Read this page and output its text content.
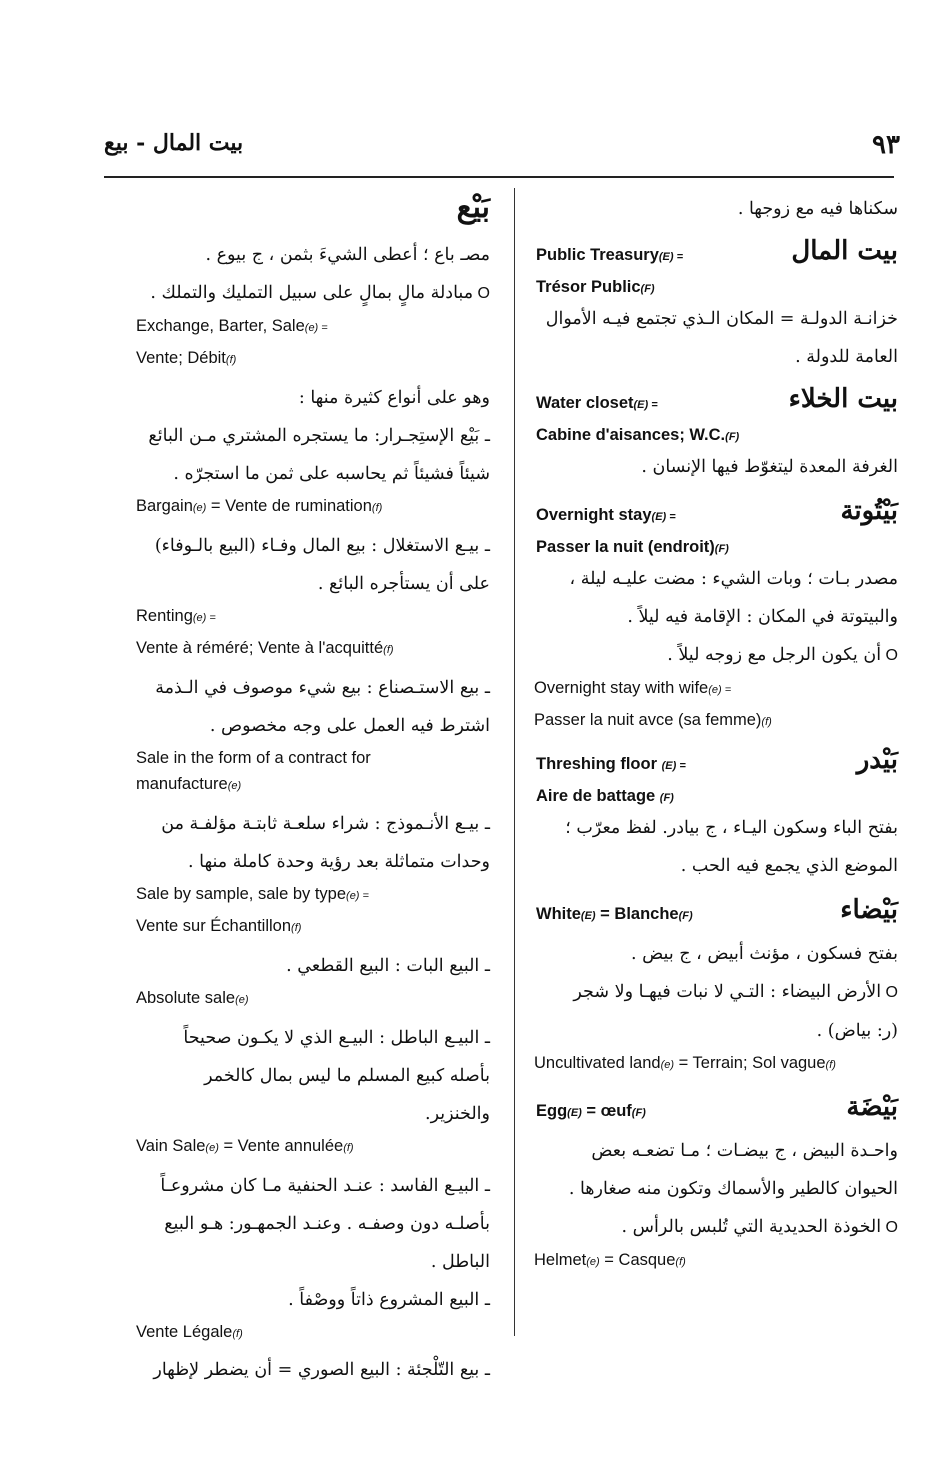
٩٣
بيت المال - بيع
سكناها فيه مع زوجها .
بيت المال
Public Treasury(E) =
Trésor Public(F)
خزانـة الدولـة = المكان الـذي تجتمع فيـه الأموال
العامة للدولة .
بيت الخلاء
Water closet(E) =
Cabine d'aisances; W.C.(F)
الغرفة المعدة ليتغوّط فيها الإنسان .
بَيْتُوتة
Overnight stay(E) =
Passer la nuit (endroit)(F)
مصدر بـات ؛ وبات الشيء : مضت عليـه ليلة ،
والبيتوتة في المكان : الإقامة فيه ليلاً .
O أن يكون الرجل مع زوجه ليلاً .
Overnight stay with wife(e) =
Passer la nuit avce (sa femme)(f)
بَيْدر
Threshing floor (E) =
Aire de battage (F)
بفتح الباء وسكون اليـاء ، ج بيادر. لفظ معرّب ؛
الموضع الذي يجمع فيه الحب .
بَيْضاء
White(E) = Blanche(F)
بفتح فسكون ، مؤنث أبيض ، ج بيض .
O الأرض البيضاء : التـي لا نبات فيهـا ولا شجر
(ر: بياض) .
Uncultivated land(e) = Terrain; Sol vague(f)
بَيْضَة
Egg(E) = œuf(F)
واحـدة البيض ، ج بيضـات ؛ مـا تضعـه بعض
الحيوان كالطير والأسماك وتكون منه صغارها .
O الخوذة الحديدية التي تُلبس بالرأس .
Helmet(e) = Casque(f)
بَيْع
مصـ باع ؛ أعطى الشيءَ بثمن ، ج بيوع .
O مبادلة مالٍ بمالٍ على سبيل التمليك والتملك .
Exchange, Barter, Sale(e) =
Vente; Débit(f)
وهو على أنواع كثيرة منها :
ـ بَيْع الإستِجـرار: ما يستجره المشتري مـن البائع
شيئاً فشيئاً ثم يحاسبه على ثمن ما استجرّه .
Bargain(e) = Vente de rumination(f)
ـ بيـع الاستغلال : بيع المال وفـاء (البيع بالـوفاء)
على أن يستأجره البائع .
Renting(e) =
Vente à réméré; Vente à l'acquitté(f)
ـ بيع الاستـصناع : بيع شيء موصوف في الـذمة
اشترط فيه العمل على وجه مخصوص .
Sale in the form of a contract for
manufacture(e)
ـ بيـع الأنـموذج : شراء سلعـة ثابتـة مؤلفـة من
وحدات متماثلة بعد رؤية وحدة كاملة منها .
Sale by sample, sale by type(e) =
Vente sur Échantillon(f)
ـ البيع البات : البيع القطعي .
Absolute sale(e)
ـ البيـع الباطل : البيـع الذي لا يكـون صحيحاً
بأصله كبيع المسلم ما ليس بمال كالخمر والخنزير.
Vain Sale(e) = Vente annulée(f)
ـ البيـع الفاسد : عنـد الحنفية مـا كان مشروعـاً
بأصلـه دون وصفـه . وعنـد الجمهـور: هـو البيع
الباطل .
ـ البيع المشروع ذاتاً ووصْفاً .
Vente Légale(f)
ـ بيع التّلْجئة : البيع الصوري = أن يضطر لإظهار
